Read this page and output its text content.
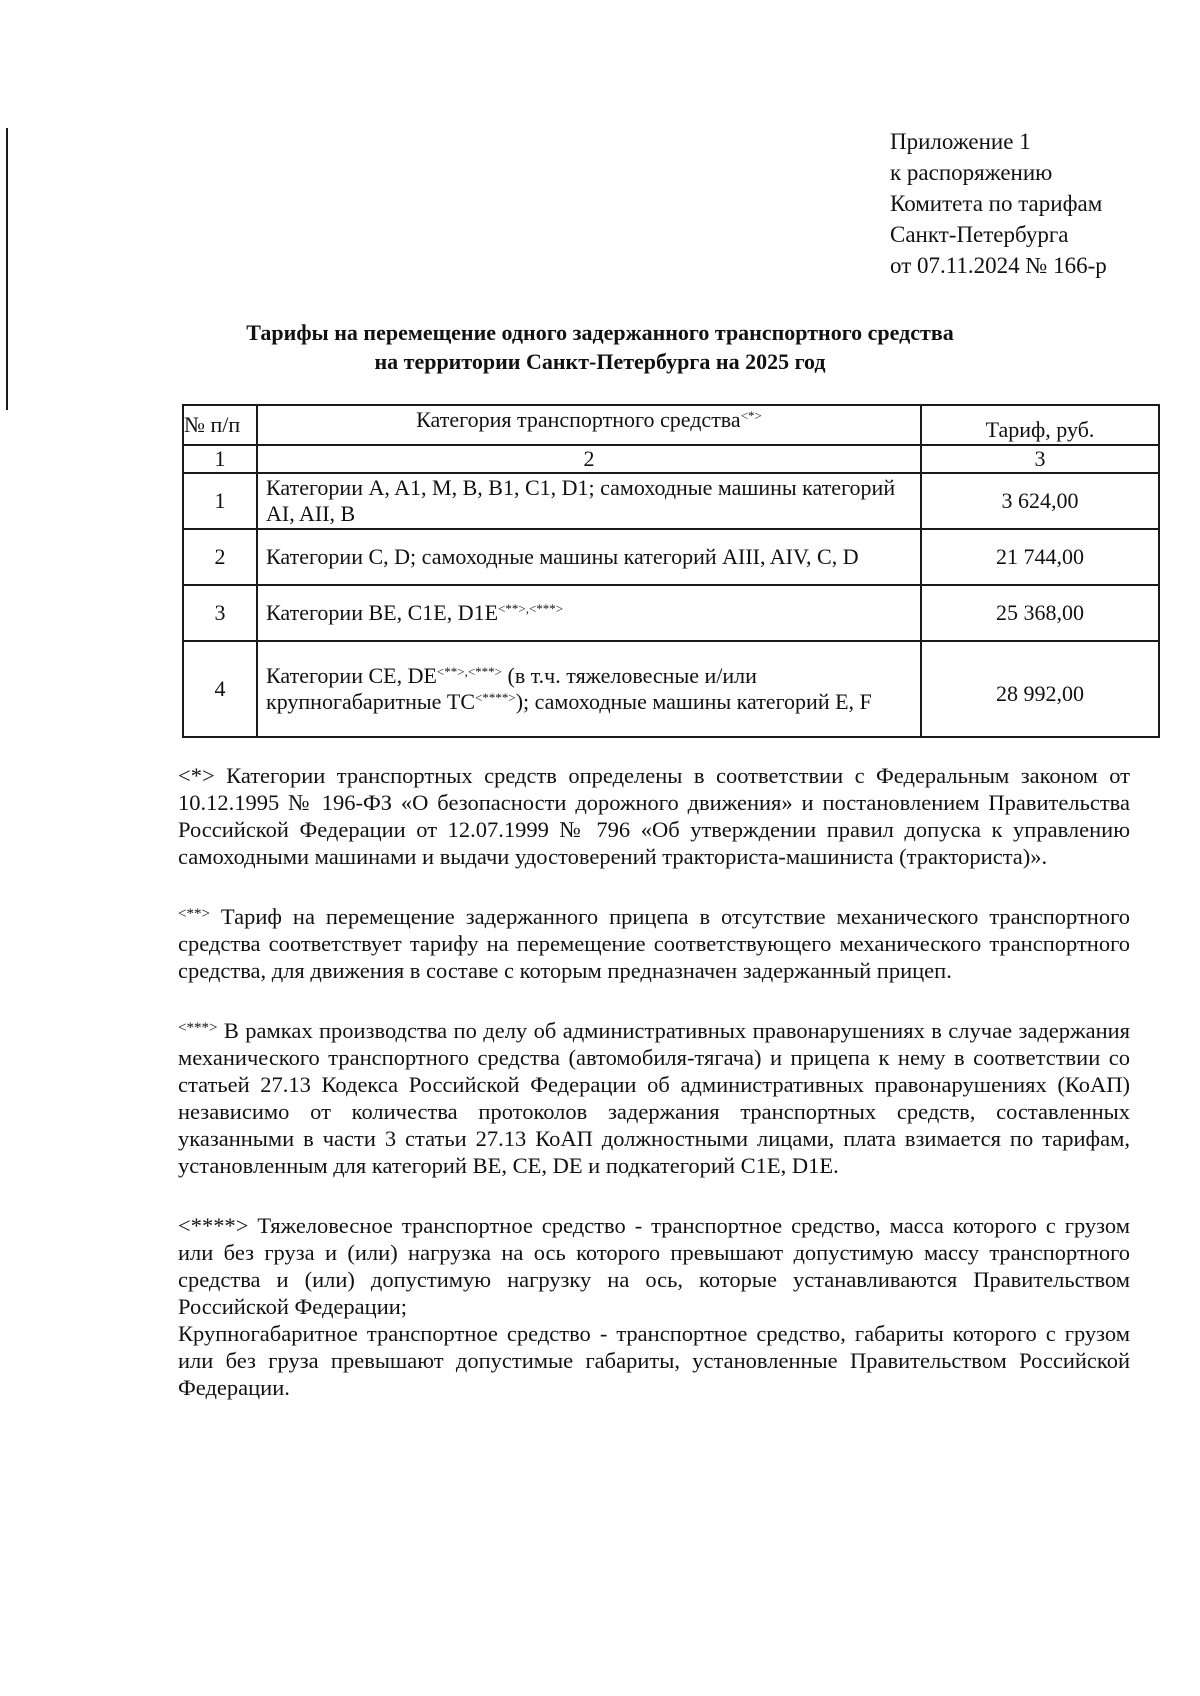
Приложение 1
к распоряжению
Комитета по тарифам
Санкт-Петербурга
от 07.11.2024 № 166-р
Тарифы на перемещение одного задержанного транспортного средства
на территории Санкт-Петербурга на 2025 год
№ п/п	Категория транспортного средства<*>	Тариф, руб.
1	2	3
1	Категории A, A1, M, B, B1, C1, D1; самоходные машины категорий AI, AII, B	3 624,00
2	Категории C, D; самоходные машины категорий AIII, AIV, C, D	21 744,00
3	Категории BE, C1E, D1E<**>,<***>	25 368,00
4	Категории CE, DE<**>,<***> (в т.ч. тяжеловесные и/или крупногабаритные ТС<****>); самоходные машины категорий E, F	28 992,00

<*> Категории транспортных средств определены в соответствии с Федеральным законом от 10.12.1995 № 196-ФЗ «О безопасности дорожного движения» и постановлением Правительства Российской Федерации от 12.07.1999 № 796 «Об утверждении правил допуска к управлению самоходными машинами и выдачи удостоверений тракториста-машиниста (тракториста)».

<**> Тариф на перемещение задержанного прицепа в отсутствие механического транспортного средства соответствует тарифу на перемещение соответствующего механического транспортного средства, для движения в составе с которым предназначен задержанный прицеп.

<***> В рамках производства по делу об административных правонарушениях в случае задержания механического транспортного средства (автомобиля-тягача) и прицепа к нему в соответствии со статьей 27.13 Кодекса Российской Федерации об административных правонарушениях (КоАП) независимо от количества протоколов задержания транспортных средств, составленных указанными в части 3 статьи 27.13 КоАП должностными лицами, плата взимается по тарифам, установленным для категорий BE, CE, DE и подкатегорий C1E, D1E.

<****> Тяжеловесное транспортное средство - транспортное средство, масса которого с грузом или без груза и (или) нагрузка на ось которого превышают допустимую массу транспортного средства и (или) допустимую нагрузку на ось, которые устанавливаются Правительством Российской Федерации;

Крупногабаритное транспортное средство - транспортное средство, габариты которого с грузом или без груза превышают допустимые габариты, установленные Правительством Российской Федерации.
